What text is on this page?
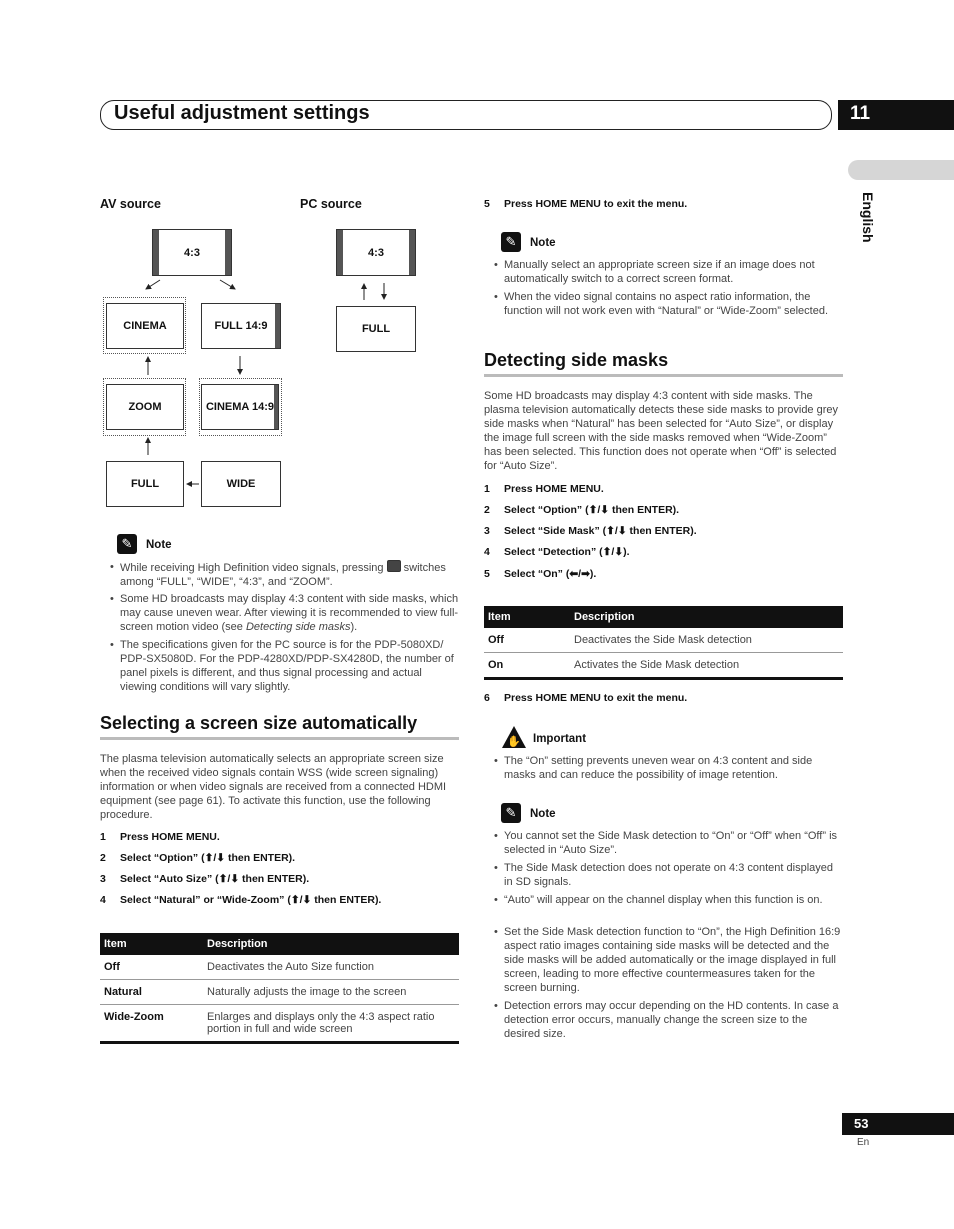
Useful adjustment settings	11
English
AV source	PC source
4:3
CINEMA	FULL 14:9
ZOOM	CINEMA 14:9
FULL	WIDE
4:3
FULL
✎	Note
• While receiving High Definition video signals, pressing  switches among “FULL”, “WIDE”, “4:3”, and “ZOOM”.
• Some HD broadcasts may display 4:3 content with side masks, which may cause uneven wear. After viewing it is recommended to view full-screen motion video (see Detecting side masks).
• The specifications given for the PC source is for the PDP-5080XD/ PDP-SX5080D. For the PDP-4280XD/PDP-SX4280D, the number of panel pixels is different, and thus signal processing and actual viewing conditions will vary slightly.
Selecting a screen size automatically
The plasma television automatically selects an appropriate screen size when the received video signals contain WSS (wide screen signaling) information or when video signals are received from a connected HDMI equipment (see page 61). To activate this function, use the following procedure.
1 Press HOME MENU.
2 Select “Option” (⬆/⬇ then ENTER).
3 Select “Auto Size” (⬆/⬇ then ENTER).
4 Select “Natural” or “Wide-Zoom” (⬆/⬇ then ENTER).
Item	Description
Off	Deactivates the Auto Size function
Natural	Naturally adjusts the image to the screen
Wide-Zoom	Enlarges and displays only the 4:3 aspect ratio portion in full and wide screen
5 Press HOME MENU to exit the menu.
✎	Note
• Manually select an appropriate screen size if an image does not automatically switch to a correct screen format.
• When the video signal contains no aspect ratio information, the function will not work even with “Natural” or “Wide-Zoom” selected.
Detecting side masks
Some HD broadcasts may display 4:3 content with side masks. The plasma television automatically detects these side masks to provide grey side masks when “Natural” has been selected for “Auto Size”, or display the image full screen with the side masks removed when “Wide-Zoom” has been selected. This function does not operate when “Off” is selected for “Auto Size”.
1 Press HOME MENU.
2 Select “Option” (⬆/⬇ then ENTER).
3 Select “Side Mask” (⬆/⬇ then ENTER).
4 Select “Detection” (⬆/⬇).
5 Select “On” (⬅/➡).
Item	Description
Off	Deactivates the Side Mask detection
On	Activates the Side Mask detection
6 Press HOME MENU to exit the menu.
✋ Important
• The “On” setting prevents uneven wear on 4:3 content and side masks and can reduce the possibility of image retention.
✎	Note
• You cannot set the Side Mask detection to “On” or “Off” when “Off” is selected in “Auto Size”.
• The Side Mask detection does not operate on 4:3 content displayed in SD signals.
• “Auto” will appear on the channel display when this function is on.
• Set the Side Mask detection function to “On”, the High Definition 16:9 aspect ratio images containing side masks will be detected and the side masks will be added automatically or the image displayed in full screen, leading to more effective countermeasures taken for the screen burning.
• Detection errors may occur depending on the HD contents. In case a detection error occurs, manually change the screen size to the desired size.
53
En
